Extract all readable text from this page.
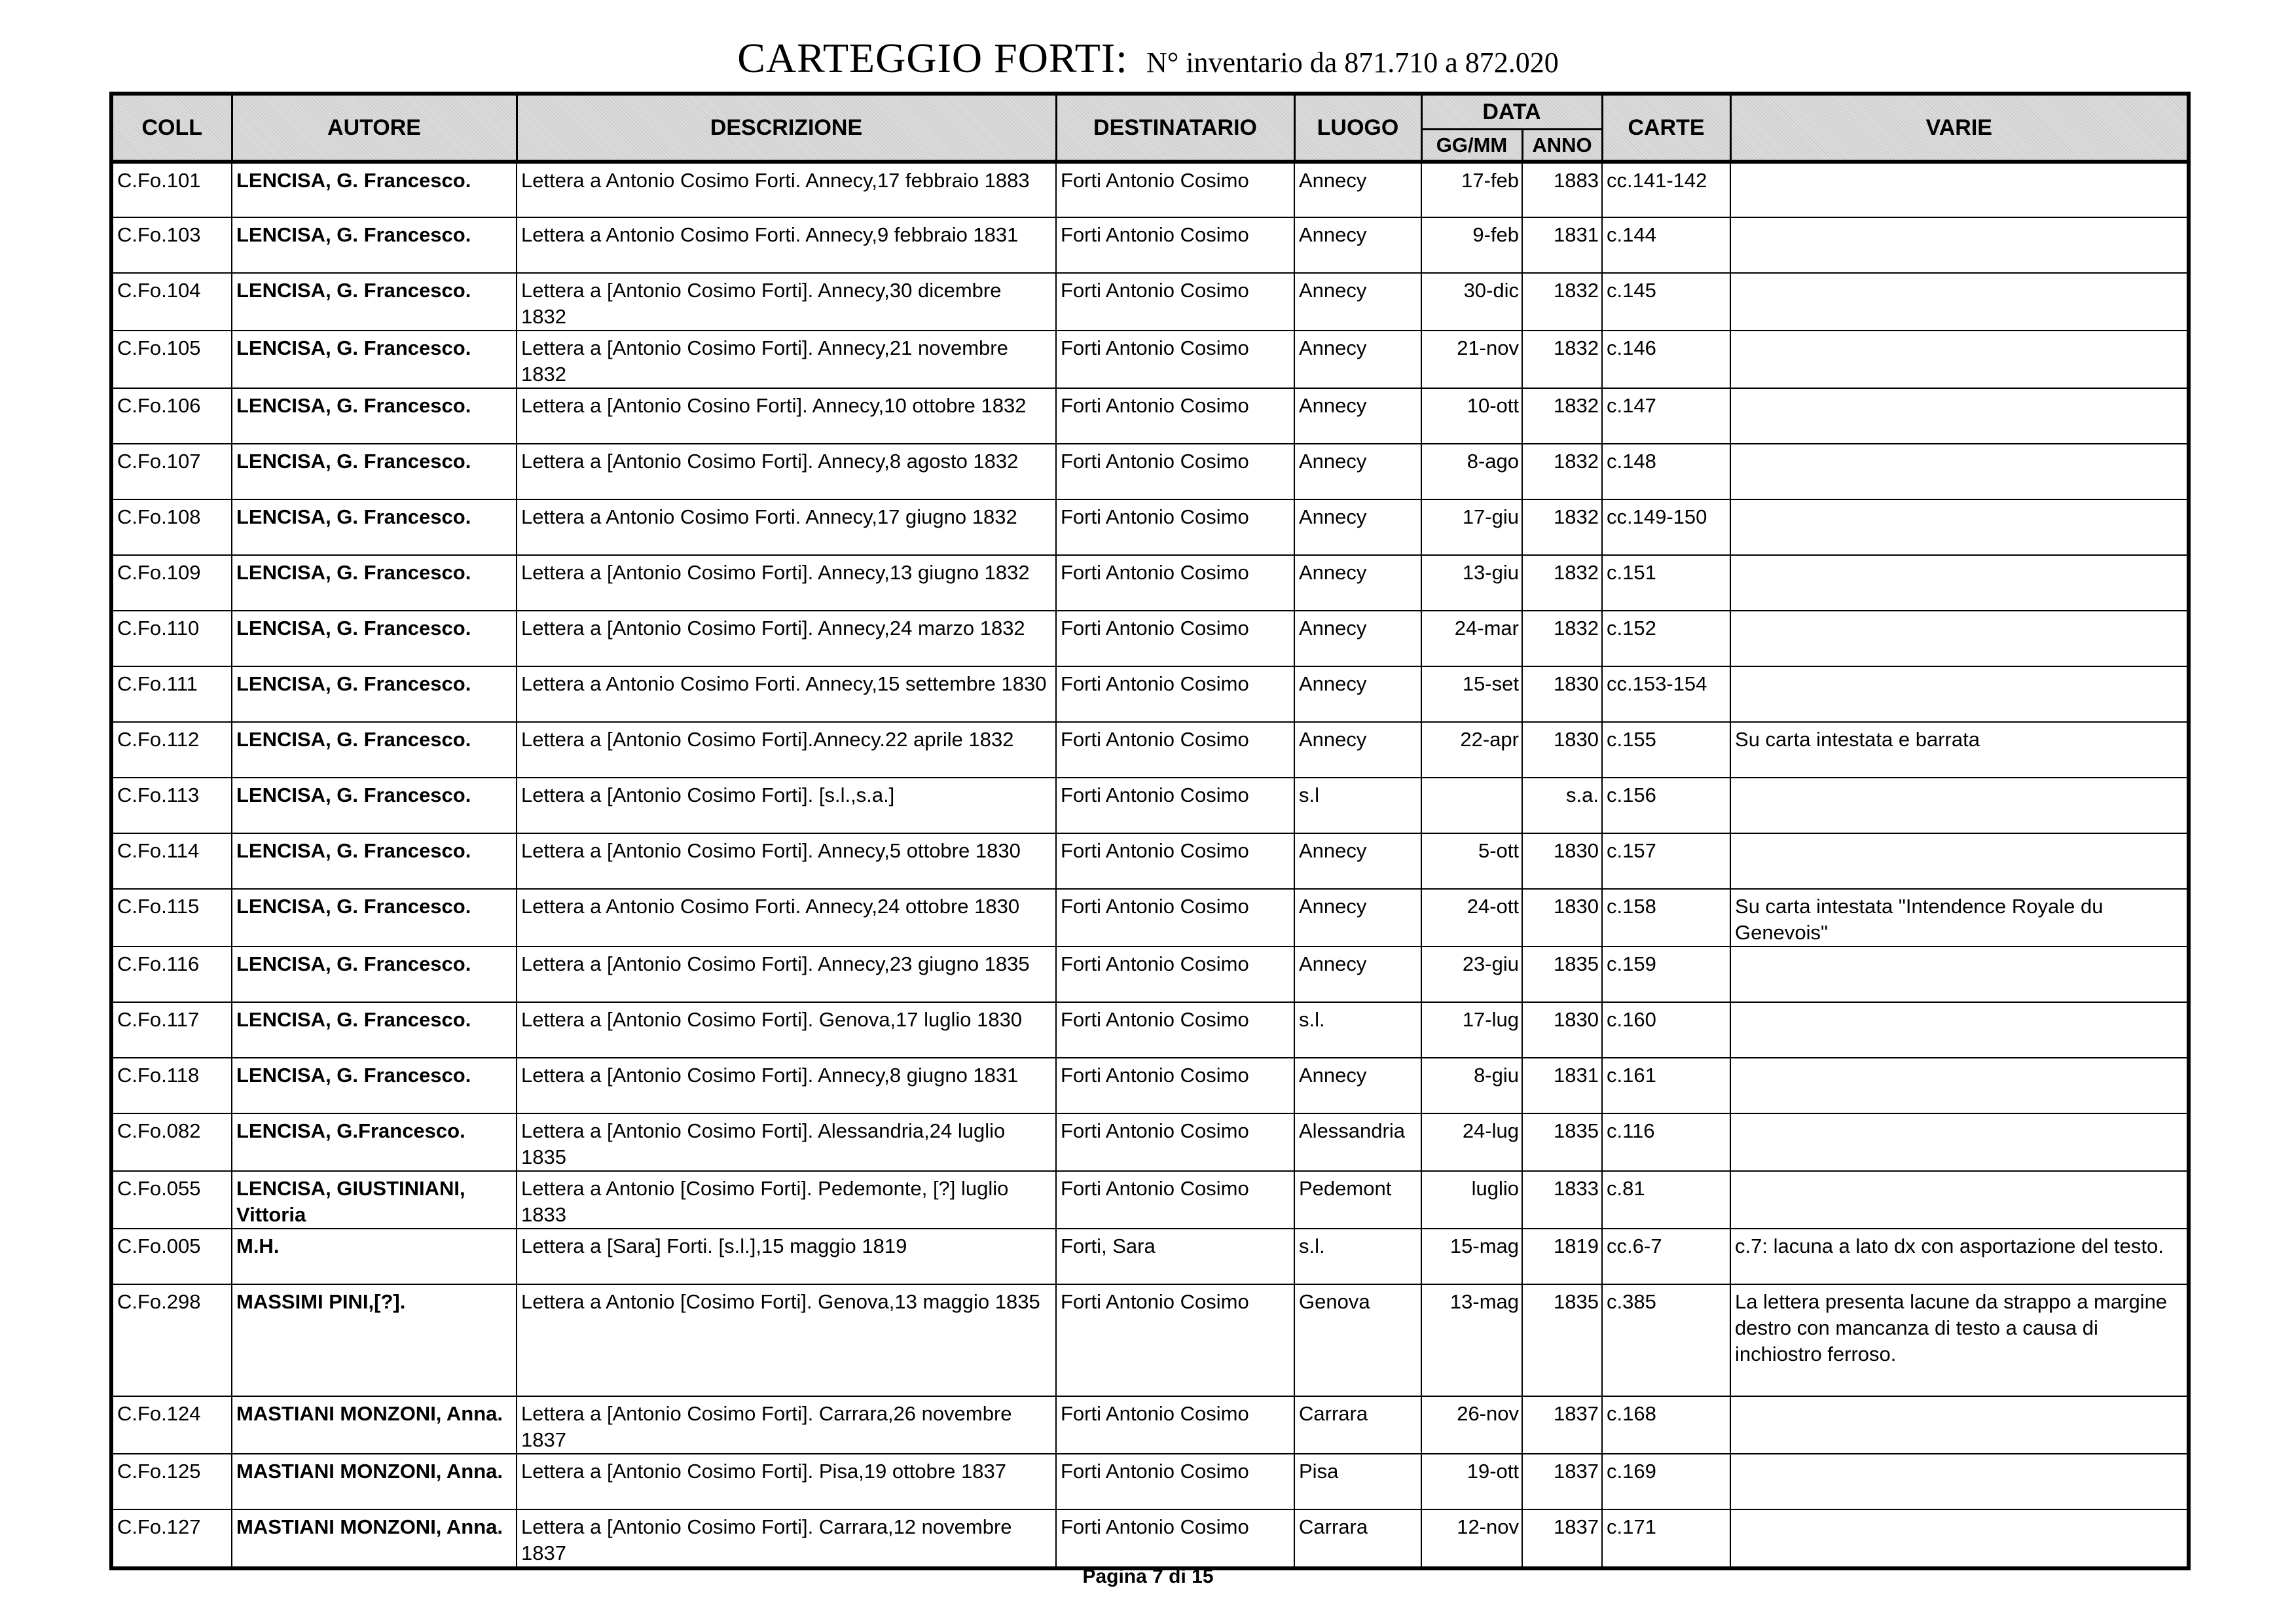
CARTEGGIO FORTI: N° inventario da 871.710 a 872.020
COLL	AUTORE	DESCRIZIONE	DESTINATARIO	LUOGO	DATA		CARTE	VARIE
					GG/MM	ANNO		
C.Fo.101	LENCISA, G. Francesco.	Lettera a Antonio Cosimo Forti. Annecy,17 febbraio 1883	Forti Antonio Cosimo	Annecy	17-feb	1883	cc.141-142	
C.Fo.103	LENCISA, G. Francesco.	Lettera a Antonio Cosimo Forti. Annecy,9 febbraio 1831	Forti Antonio Cosimo	Annecy	9-feb	1831	c.144	
C.Fo.104	LENCISA, G. Francesco.	Lettera a [Antonio Cosimo Forti]. Annecy,30 dicembre 1832	Forti Antonio Cosimo	Annecy	30-dic	1832	c.145	
C.Fo.105	LENCISA, G. Francesco.	Lettera a [Antonio Cosimo Forti]. Annecy,21 novembre 1832	Forti Antonio Cosimo	Annecy	21-nov	1832	c.146	
C.Fo.106	LENCISA, G. Francesco.	Lettera a [Antonio Cosino Forti]. Annecy,10 ottobre 1832	Forti Antonio Cosimo	Annecy	10-ott	1832	c.147	
C.Fo.107	LENCISA, G. Francesco.	Lettera a [Antonio Cosimo Forti]. Annecy,8 agosto 1832	Forti Antonio Cosimo	Annecy	8-ago	1832	c.148	
C.Fo.108	LENCISA, G. Francesco.	Lettera a Antonio Cosimo Forti. Annecy,17 giugno 1832	Forti Antonio Cosimo	Annecy	17-giu	1832	cc.149-150	
C.Fo.109	LENCISA, G. Francesco.	Lettera a [Antonio Cosimo Forti]. Annecy,13 giugno 1832	Forti Antonio Cosimo	Annecy	13-giu	1832	c.151	
C.Fo.110	LENCISA, G. Francesco.	Lettera a [Antonio Cosimo Forti]. Annecy,24 marzo 1832	Forti Antonio Cosimo	Annecy	24-mar	1832	c.152	
C.Fo.111	LENCISA, G. Francesco.	Lettera a Antonio Cosimo Forti. Annecy,15 settembre 1830	Forti Antonio Cosimo	Annecy	15-set	1830	cc.153-154	
C.Fo.112	LENCISA, G. Francesco.	Lettera a [Antonio Cosimo Forti].Annecy.22 aprile 1832	Forti Antonio Cosimo	Annecy	22-apr	1830	c.155	Su carta intestata e barrata
C.Fo.113	LENCISA, G. Francesco.	Lettera a [Antonio Cosimo Forti]. [s.l.,s.a.]	Forti Antonio Cosimo	s.l		s.a.	c.156	
C.Fo.114	LENCISA, G. Francesco.	Lettera a [Antonio Cosimo Forti]. Annecy,5 ottobre 1830	Forti Antonio Cosimo	Annecy	5-ott	1830	c.157	
C.Fo.115	LENCISA, G. Francesco.	Lettera a Antonio Cosimo Forti. Annecy,24 ottobre 1830	Forti Antonio Cosimo	Annecy	24-ott	1830	c.158	Su carta intestata "Intendence Royale du Genevois"
C.Fo.116	LENCISA, G. Francesco.	Lettera a [Antonio Cosimo Forti]. Annecy,23 giugno 1835	Forti Antonio Cosimo	Annecy	23-giu	1835	c.159	
C.Fo.117	LENCISA, G. Francesco.	Lettera a [Antonio Cosimo Forti]. Genova,17 luglio 1830	Forti Antonio Cosimo	s.l.	17-lug	1830	c.160	
C.Fo.118	LENCISA, G. Francesco.	Lettera a [Antonio Cosimo Forti]. Annecy,8 giugno 1831	Forti Antonio Cosimo	Annecy	8-giu	1831	c.161	
C.Fo.082	LENCISA, G.Francesco.	Lettera a [Antonio Cosimo Forti]. Alessandria,24 luglio 1835	Forti Antonio Cosimo	Alessandria	24-lug	1835	c.116	
C.Fo.055	LENCISA, GIUSTINIANI, Vittoria	Lettera a Antonio [Cosimo Forti]. Pedemonte, [?] luglio 1833	Forti Antonio Cosimo	Pedemont	luglio	1833	c.81	
C.Fo.005	M.H.	Lettera a [Sara] Forti. [s.l.],15 maggio 1819	Forti, Sara	s.l.	15-mag	1819	cc.6-7	c.7: lacuna a lato dx con asportazione del testo.
C.Fo.298	MASSIMI PINI,[?].	Lettera a Antonio [Cosimo Forti]. Genova,13 maggio 1835	Forti Antonio Cosimo	Genova	13-mag	1835	c.385	La lettera presenta lacune da strappo a margine destro con mancanza di testo a causa di inchiostro ferroso.
C.Fo.124	MASTIANI MONZONI, Anna.	Lettera a [Antonio Cosimo Forti]. Carrara,26 novembre 1837	Forti Antonio Cosimo	Carrara	26-nov	1837	c.168	
C.Fo.125	MASTIANI MONZONI, Anna.	Lettera a [Antonio Cosimo Forti]. Pisa,19 ottobre 1837	Forti Antonio Cosimo	Pisa	19-ott	1837	c.169	
C.Fo.127	MASTIANI MONZONI, Anna.	Lettera a [Antonio Cosimo Forti]. Carrara,12 novembre 1837	Forti Antonio Cosimo	Carrara	12-nov	1837	c.171	
Pagina 7 di 15
